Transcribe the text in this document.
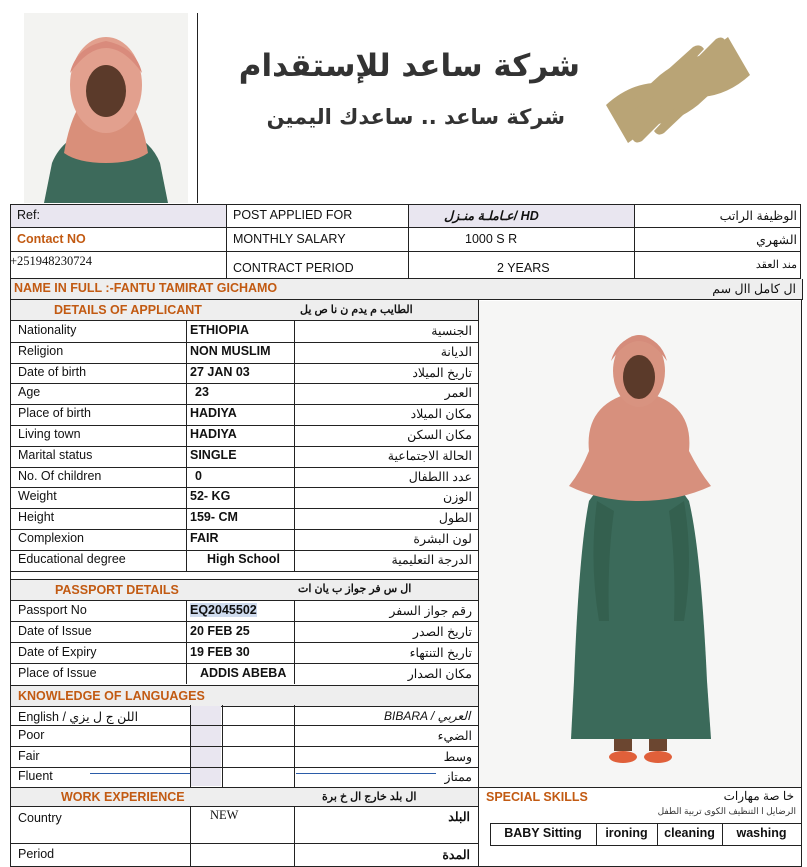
شركة ساعد للإستقدام
شركة ساعد .. ساعدك اليمين
Ref:	POST APPLIED FOR	عـاملـة منـزل/ HD	الوظيفة الراتب
Contact NO	MONTHLY SALARY	1000 S R	الشهري
+251948230724	CONTRACT PERIOD	2 YEARS	مند العقد
NAME IN FULL :-FANTU TAMIRAT GICHAMO	ال كامل اال سم
DETAILS OF APPLICANT	الطايب م يدم ن نا ص يل
Nationality	ETHIOPIA	الجنسية
Religion	NON MUSLIM	الديانة
Date of birth	27 JAN 03	تاريخ الميلاد
Age	23	العمر
Place of birth	HADIYA	مكان الميلاد
Living town	HADIYA	مكان السكن
Marital status	SINGLE	الحالة الاجتماعية
No. Of children	0	عدد االطفال
Weight	52- KG	الوزن
Height	159- CM	الطول
Complexion	FAIR	لون البشرة
Educational degree	High School	الدرجة التعليمية
PASSPORT DETAILS	ال س فر جواز ب يان ات
Passport No	EQ2045502	رقم جواز السفر
Date of Issue	20 FEB 25	تاريخ الصدر
Date of Expiry	19 FEB 30	تاريخ التنتهاء
Place of Issue	ADDIS ABEBA	مكان الصدار
KNOWLEDGE OF LANGUAGES
English / اللن ج ل يزي	BIBARA / العربي
Poor	الضيء
Fair	وسط
Fluent	ممتاز
WORK EXPERIENCE	ال بلد خارج ال خ برة
Country	NEW	البلد
Period	المدة
SPECIAL SKILLS	خا صة مهارات
الرضايل ا التنظيف الكوى تربية الطفل
BABY Sitting	ironing	cleaning	washing
